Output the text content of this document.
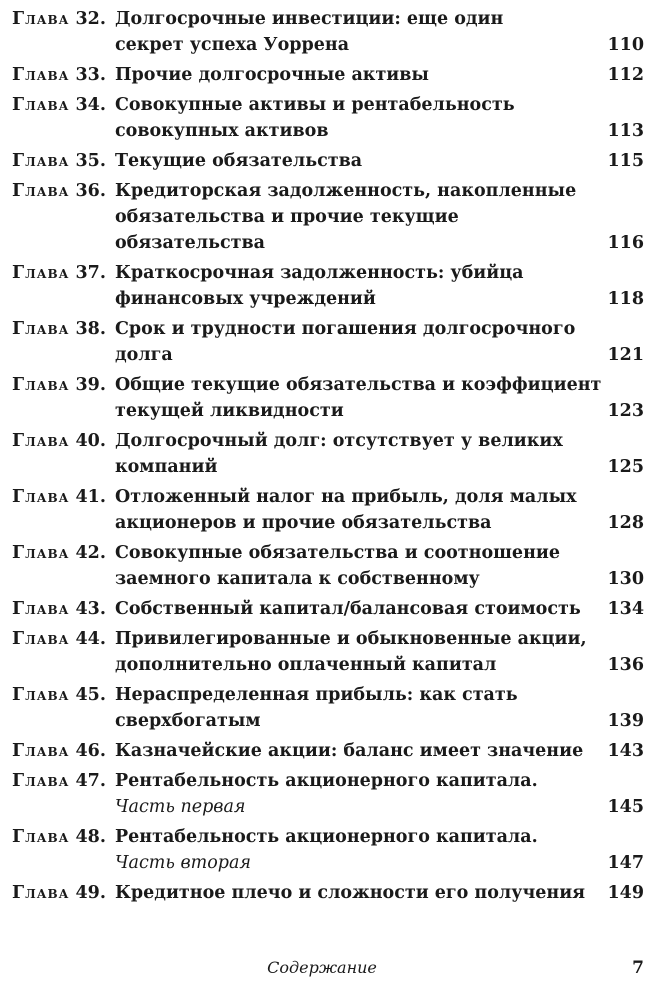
Глава 32. Долгосрочные инвестиции: еще один
секрет успеха Уоррена	110
Глава 33. Прочие долгосрочные активы	112
Глава 34. Совокупные активы и рентабельность
совокупных активов	113
Глава 35. Текущие обязательства	115
Глава 36. Кредиторская задолженность, накопленные
обязательства и прочие текущие обязательства	116
Глава 37. Краткосрочная задолженность: убийца
финансовых учреждений	118
Глава 38. Срок и трудности погашения долгосрочного долга	121
Глава 39. Общие текущие обязательства и коэффициент
текущей ликвидности	123
Глава 40. Долгосрочный долг: отсутствует у великих
компаний	125
Глава 41. Отложенный налог на прибыль, доля малых
акционеров и прочие обязательства	128
Глава 42. Совокупные обязательства и соотношение
заемного капитала к собственному	130
Глава 43. Собственный капитал/балансовая стоимость	134
Глава 44. Привилегированные и обыкновенные акции,
дополнительно оплаченный капитал	136
Глава 45. Нераспределенная прибыль: как стать
сверхбогатым	139
Глава 46. Казначейские акции: баланс имеет значение	143
Глава 47. Рентабельность акционерного капитала.
Часть первая	145
Глава 48. Рентабельность акционерного капитала.
Часть вторая	147
Глава 49. Кредитное плечо и сложности его получения	149
Содержание	7
